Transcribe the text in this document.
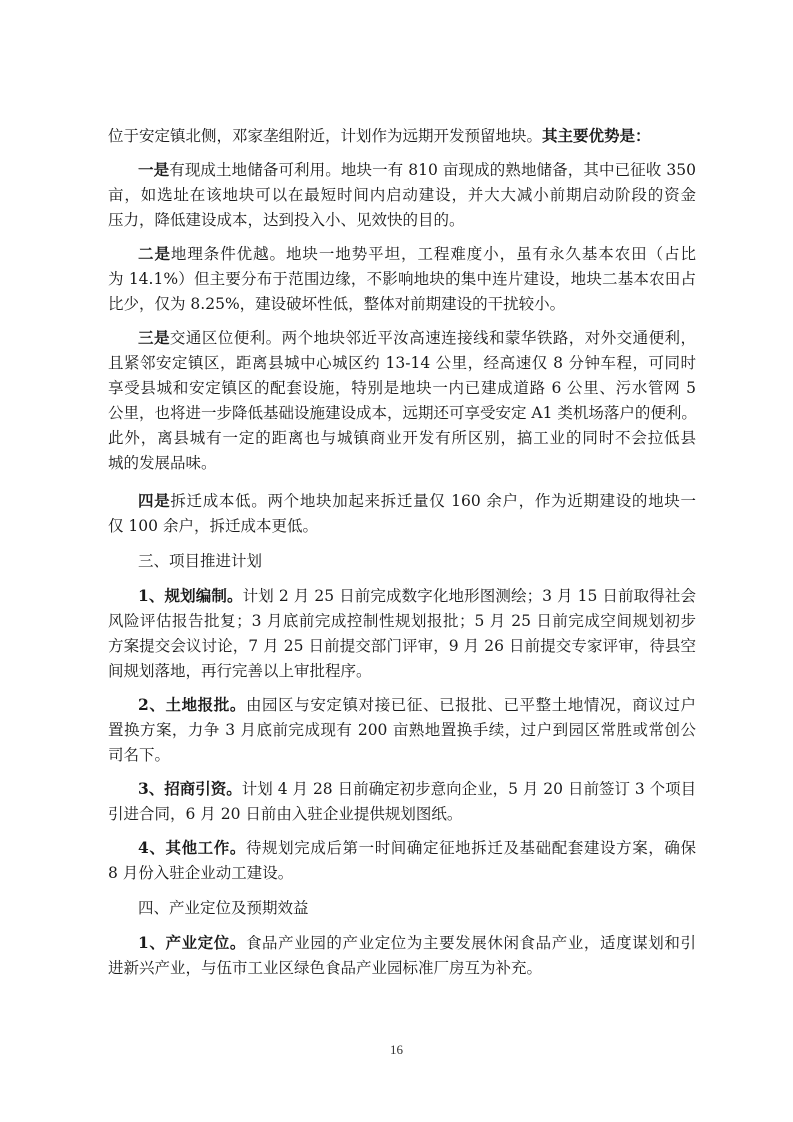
位于安定镇北侧，邓家垄组附近，计划作为远期开发预留地块。其主要优势是：
一是有现成土地储备可利用。地块一有 810 亩现成的熟地储备，其中已征收 350
亩，如选址在该地块可以在最短时间内启动建设，并大大减小前期启动阶段的资金
压力，降低建设成本，达到投入小、见效快的目的。
二是地理条件优越。地块一地势平坦，工程难度小，虽有永久基本农田（占比
为 14.1%）但主要分布于范围边缘，不影响地块的集中连片建设，地块二基本农田占
比少，仅为 8.25%，建设破坏性低，整体对前期建设的干扰较小。
三是交通区位便利。两个地块邻近平汝高速连接线和蒙华铁路，对外交通便利，
且紧邻安定镇区，距离县城中心城区约 13-14 公里，经高速仅 8 分钟车程，可同时
享受县城和安定镇区的配套设施，特别是地块一内已建成道路 6 公里、污水管网 5
公里，也将进一步降低基础设施建设成本，远期还可享受安定 A1 类机场落户的便利。
此外，离县城有一定的距离也与城镇商业开发有所区别，搞工业的同时不会拉低县
城的发展品味。
四是拆迁成本低。两个地块加起来拆迁量仅 160 余户，作为近期建设的地块一
仅 100 余户，拆迁成本更低。
三、项目推进计划
1、规划编制。计划 2 月 25 日前完成数字化地形图测绘；3 月 15 日前取得社会
风险评估报告批复；3 月底前完成控制性规划报批；5 月 25 日前完成空间规划初步
方案提交会议讨论，7 月 25 日前提交部门评审，9 月 26 日前提交专家评审，待县空
间规划落地，再行完善以上审批程序。
2、土地报批。由园区与安定镇对接已征、已报批、已平整土地情况，商议过户
置换方案，力争 3 月底前完成现有 200 亩熟地置换手续，过户到园区常胜或常创公
司名下。
3、招商引资。计划 4 月 28 日前确定初步意向企业，5 月 20 日前签订 3 个项目
引进合同，6 月 20 日前由入驻企业提供规划图纸。
4、其他工作。待规划完成后第一时间确定征地拆迁及基础配套建设方案，确保
8 月份入驻企业动工建设。
四、产业定位及预期效益
1、产业定位。食品产业园的产业定位为主要发展休闲食品产业，适度谋划和引
进新兴产业，与伍市工业区绿色食品产业园标准厂房互为补充。
16
